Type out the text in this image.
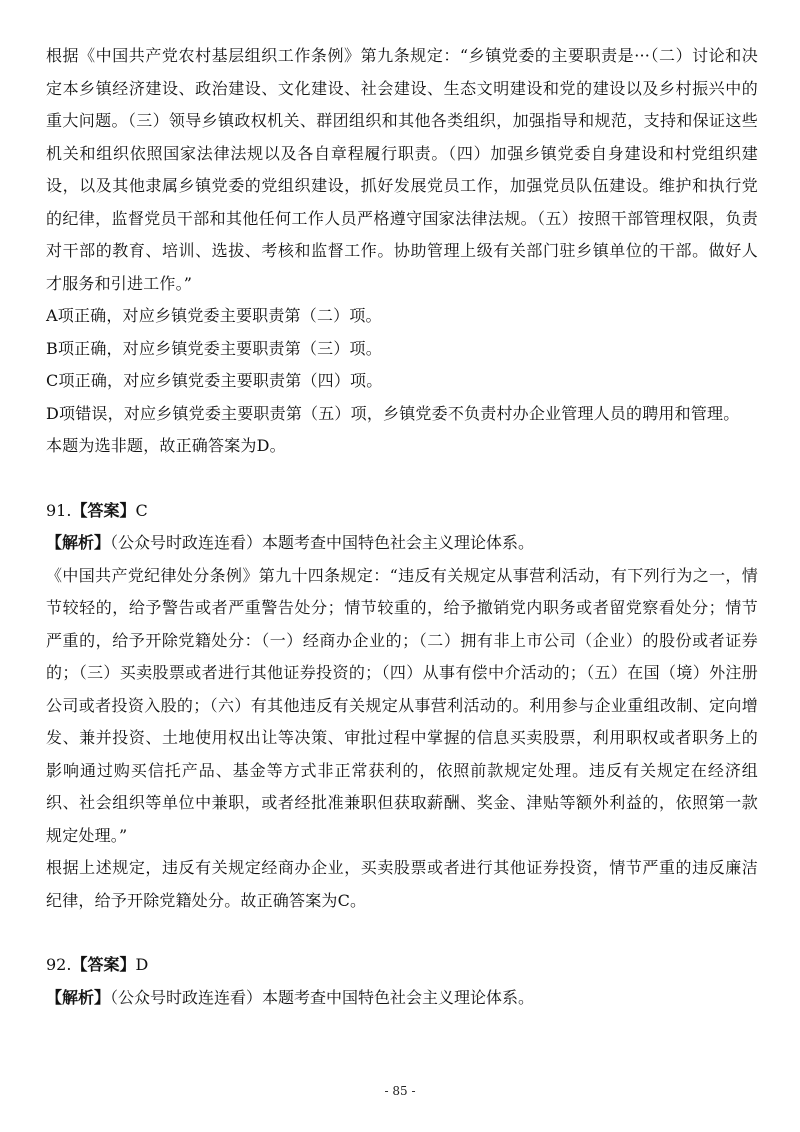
根据《中国共产党农村基层组织工作条例》第九条规定：“乡镇党委的主要职责是···（二）讨论和决定本乡镇经济建设、政治建设、文化建设、社会建设、生态文明建设和党的建设以及乡村振兴中的重大问题。（三）领导乡镇政权机关、群团组织和其他各类组织，加强指导和规范，支持和保证这些机关和组织依照国家法律法规以及各自章程履行职责。（四）加强乡镇党委自身建设和村党组织建设，以及其他隶属乡镇党委的党组织建设，抓好发展党员工作，加强党员队伍建设。维护和执行党的纪律，监督党员干部和其他任何工作人员严格遵守国家法律法规。（五）按照干部管理权限，负责对干部的教育、培训、选拔、考核和监督工作。协助管理上级有关部门驻乡镇单位的干部。做好人才服务和引进工作。”

A项正确，对应乡镇党委主要职责第（二）项。

B项正确，对应乡镇党委主要职责第（三）项。

C项正确，对应乡镇党委主要职责第（四）项。

D项错误，对应乡镇党委主要职责第（五）项，乡镇党委不负责村办企业管理人员的聘用和管理。

本题为选非题，故正确答案为D。

91.【答案】C

【解析】（公众号时政连连看）本题考查中国特色社会主义理论体系。

《中国共产党纪律处分条例》第九十四条规定：“违反有关规定从事营利活动，有下列行为之一，情节较轻的，给予警告或者严重警告处分；情节较重的，给予撤销党内职务或者留党察看处分；情节严重的，给予开除党籍处分：（一）经商办企业的；（二）拥有非上市公司（企业）的股份或者证券的；（三）买卖股票或者进行其他证券投资的；（四）从事有偿中介活动的；（五）在国（境）外注册公司或者投资入股的；（六）有其他违反有关规定从事营利活动的。利用参与企业重组改制、定向增发、兼并投资、土地使用权出让等决策、审批过程中掌握的信息买卖股票，利用职权或者职务上的影响通过购买信托产品、基金等方式非正常获利的，依照前款规定处理。违反有关规定在经济组织、社会组织等单位中兼职，或者经批准兼职但获取薪酬、奖金、津贴等额外利益的，依照第一款规定处理。”

根据上述规定，违反有关规定经商办企业，买卖股票或者进行其他证券投资，情节严重的违反廉洁纪律，给予开除党籍处分。故正确答案为C。

92.【答案】D

【解析】（公众号时政连连看）本题考查中国特色社会主义理论体系。

- 85 -
